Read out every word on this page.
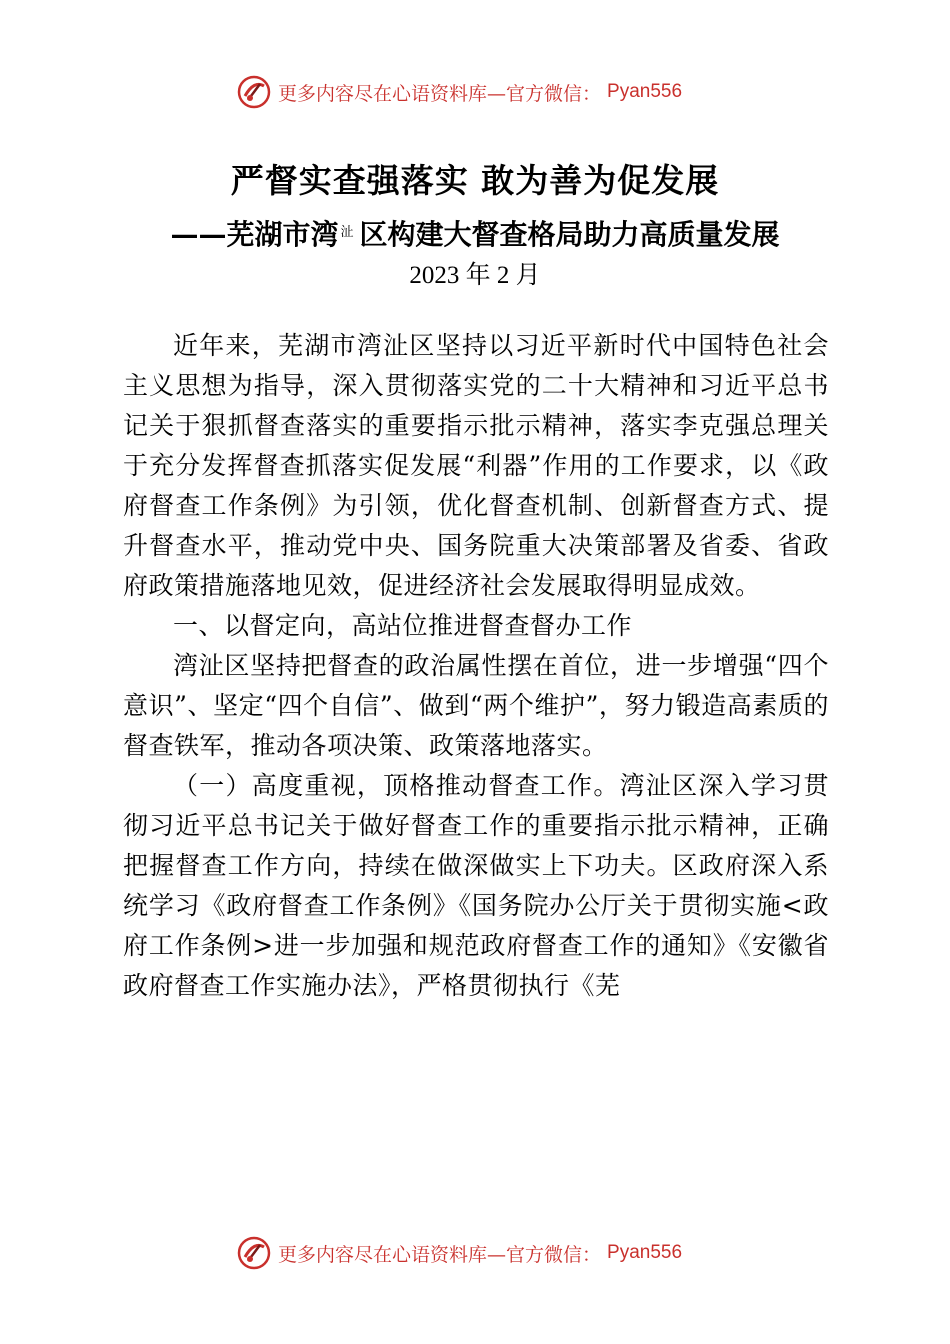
更多内容尽在心语资料库—官方微信： Pyan556
严督实查强落实 敢为善为促发展
——芜湖市湾 $^沚$ 区构建大督查格局助力高质量发展
2023 年 2 月

近年来，芜湖市湾沚区坚持以习近平新时代中国特色社会主义思想为指导，深入贯彻落实党的二十大精神和习近平总书记关于狠抓督查落实的重要指示批示精神，落实李克强总理关于充分发挥督查抓落实促发展“利器”作用的工作要求，以《政府督查工作条例》为引领，优化督查机制、创新督查方式、提升督查水平，推动党中央、国务院重大决策部署及省委、省政府政策措施落地见效，促进经济社会发展取得明显成效。

一、以督定向，高站位推进督查督办工作

湾沚区坚持把督查的政治属性摆在首位，进一步增强“四个意识”、坚定“四个自信”、做到“两个维护”，努力锻造高素质的督查铁军，推动各项决策、政策落地落实。

（一）高度重视，顶格推动督查工作。湾沚区深入学习贯彻习近平总书记关于做好督查工作的重要指示批示精神，正确把握督查工作方向，持续在做深做实上下功夫。区政府深入系统学习《政府督查工作条例》《国务院办公厅关于贯彻实施<政府工作条例>进一步加强和规范政府督查工作的通知》《安徽省政府督查工作实施办法》，严格贯彻执行《芜

更多内容尽在心语资料库—官方微信： Pyan556
